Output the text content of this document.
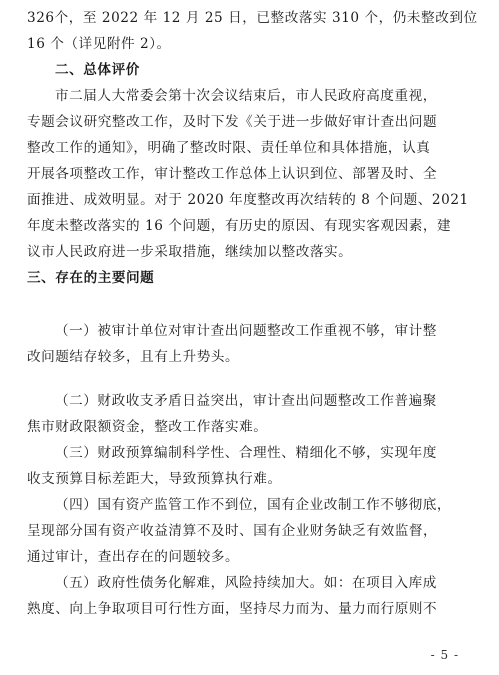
326个，至 2022 年 12 月 25 日，已整改落实 310 个，仍未整改到位
16 个（详见附件 2）。
二、总体评价
市二届人大常委会第十次会议结束后，市人民政府高度重视，
专题会议研究整改工作，及时下发《关于进一步做好审计查出问题
整改工作的通知》，明确了整改时限、责任单位和具体措施，认真
开展各项整改工作，审计整改工作总体上认识到位、部署及时、全
面推进、成效明显。对于 2020 年度整改再次结转的 8 个问题、2021
年度未整改落实的 16 个问题，有历史的原因、有现实客观因素，建
议市人民政府进一步采取措施，继续加以整改落实。
三、存在的主要问题
（一）被审计单位对审计查出问题整改工作重视不够，审计整
改问题结存较多，且有上升势头。
（二）财政收支矛盾日益突出，审计查出问题整改工作普遍聚
焦市财政限额资金，整改工作落实难。
（三）财政预算编制科学性、合理性、精细化不够，实现年度
收支预算目标差距大，导致预算执行难。
（四）国有资产监管工作不到位，国有企业改制工作不够彻底，
呈现部分国有资产收益清算不及时、国有企业财务缺乏有效监督，
通过审计，查出存在的问题较多。
（五）政府性债务化解难，风险持续加大。如：在项目入库成
熟度、向上争取项目可行性方面，坚持尽力而为、量力而行原则不
- 5 -
